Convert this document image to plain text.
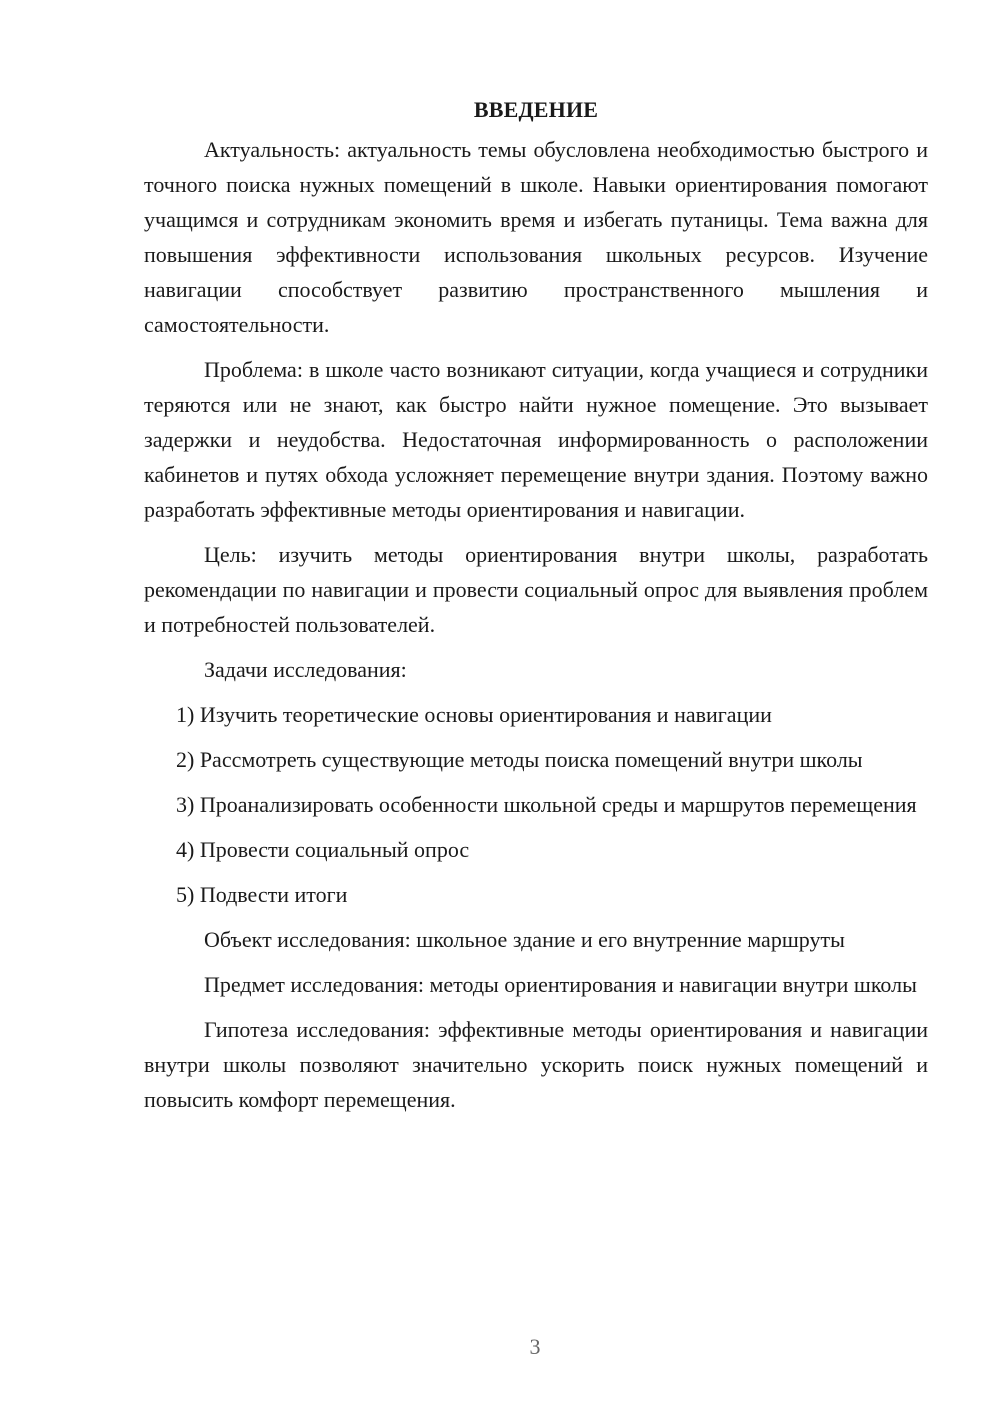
ВВЕДЕНИЕ

Актуальность: актуальность темы обусловлена необходимостью быстрого и точного поиска нужных помещений в школе. Навыки ориентирования помогают учащимся и сотрудникам экономить время и избегать путаницы. Тема важна для повышения эффективности использования школьных ресурсов. Изучение навигации способствует развитию пространственного мышления и самостоятельности.

Проблема: в школе часто возникают ситуации, когда учащиеся и сотрудники теряются или не знают, как быстро найти нужное помещение. Это вызывает задержки и неудобства. Недостаточная информированность о расположении кабинетов и путях обхода усложняет перемещение внутри здания. Поэтому важно разработать эффективные методы ориентирования и навигации.

Цель: изучить методы ориентирования внутри школы, разработать рекомендации по навигации и провести социальный опрос для выявления проблем и потребностей пользователей.

Задачи исследования:

1) Изучить теоретические основы ориентирования и навигации

2) Рассмотреть существующие методы поиска помещений внутри школы

3) Проанализировать особенности школьной среды и маршрутов перемещения

4) Провести социальный опрос

5) Подвести итоги

Объект исследования: школьное здание и его внутренние маршруты

Предмет исследования: методы ориентирования и навигации внутри школы

Гипотеза исследования: эффективные методы ориентирования и навигации внутри школы позволяют значительно ускорить поиск нужных помещений и повысить комфорт перемещения.

3
